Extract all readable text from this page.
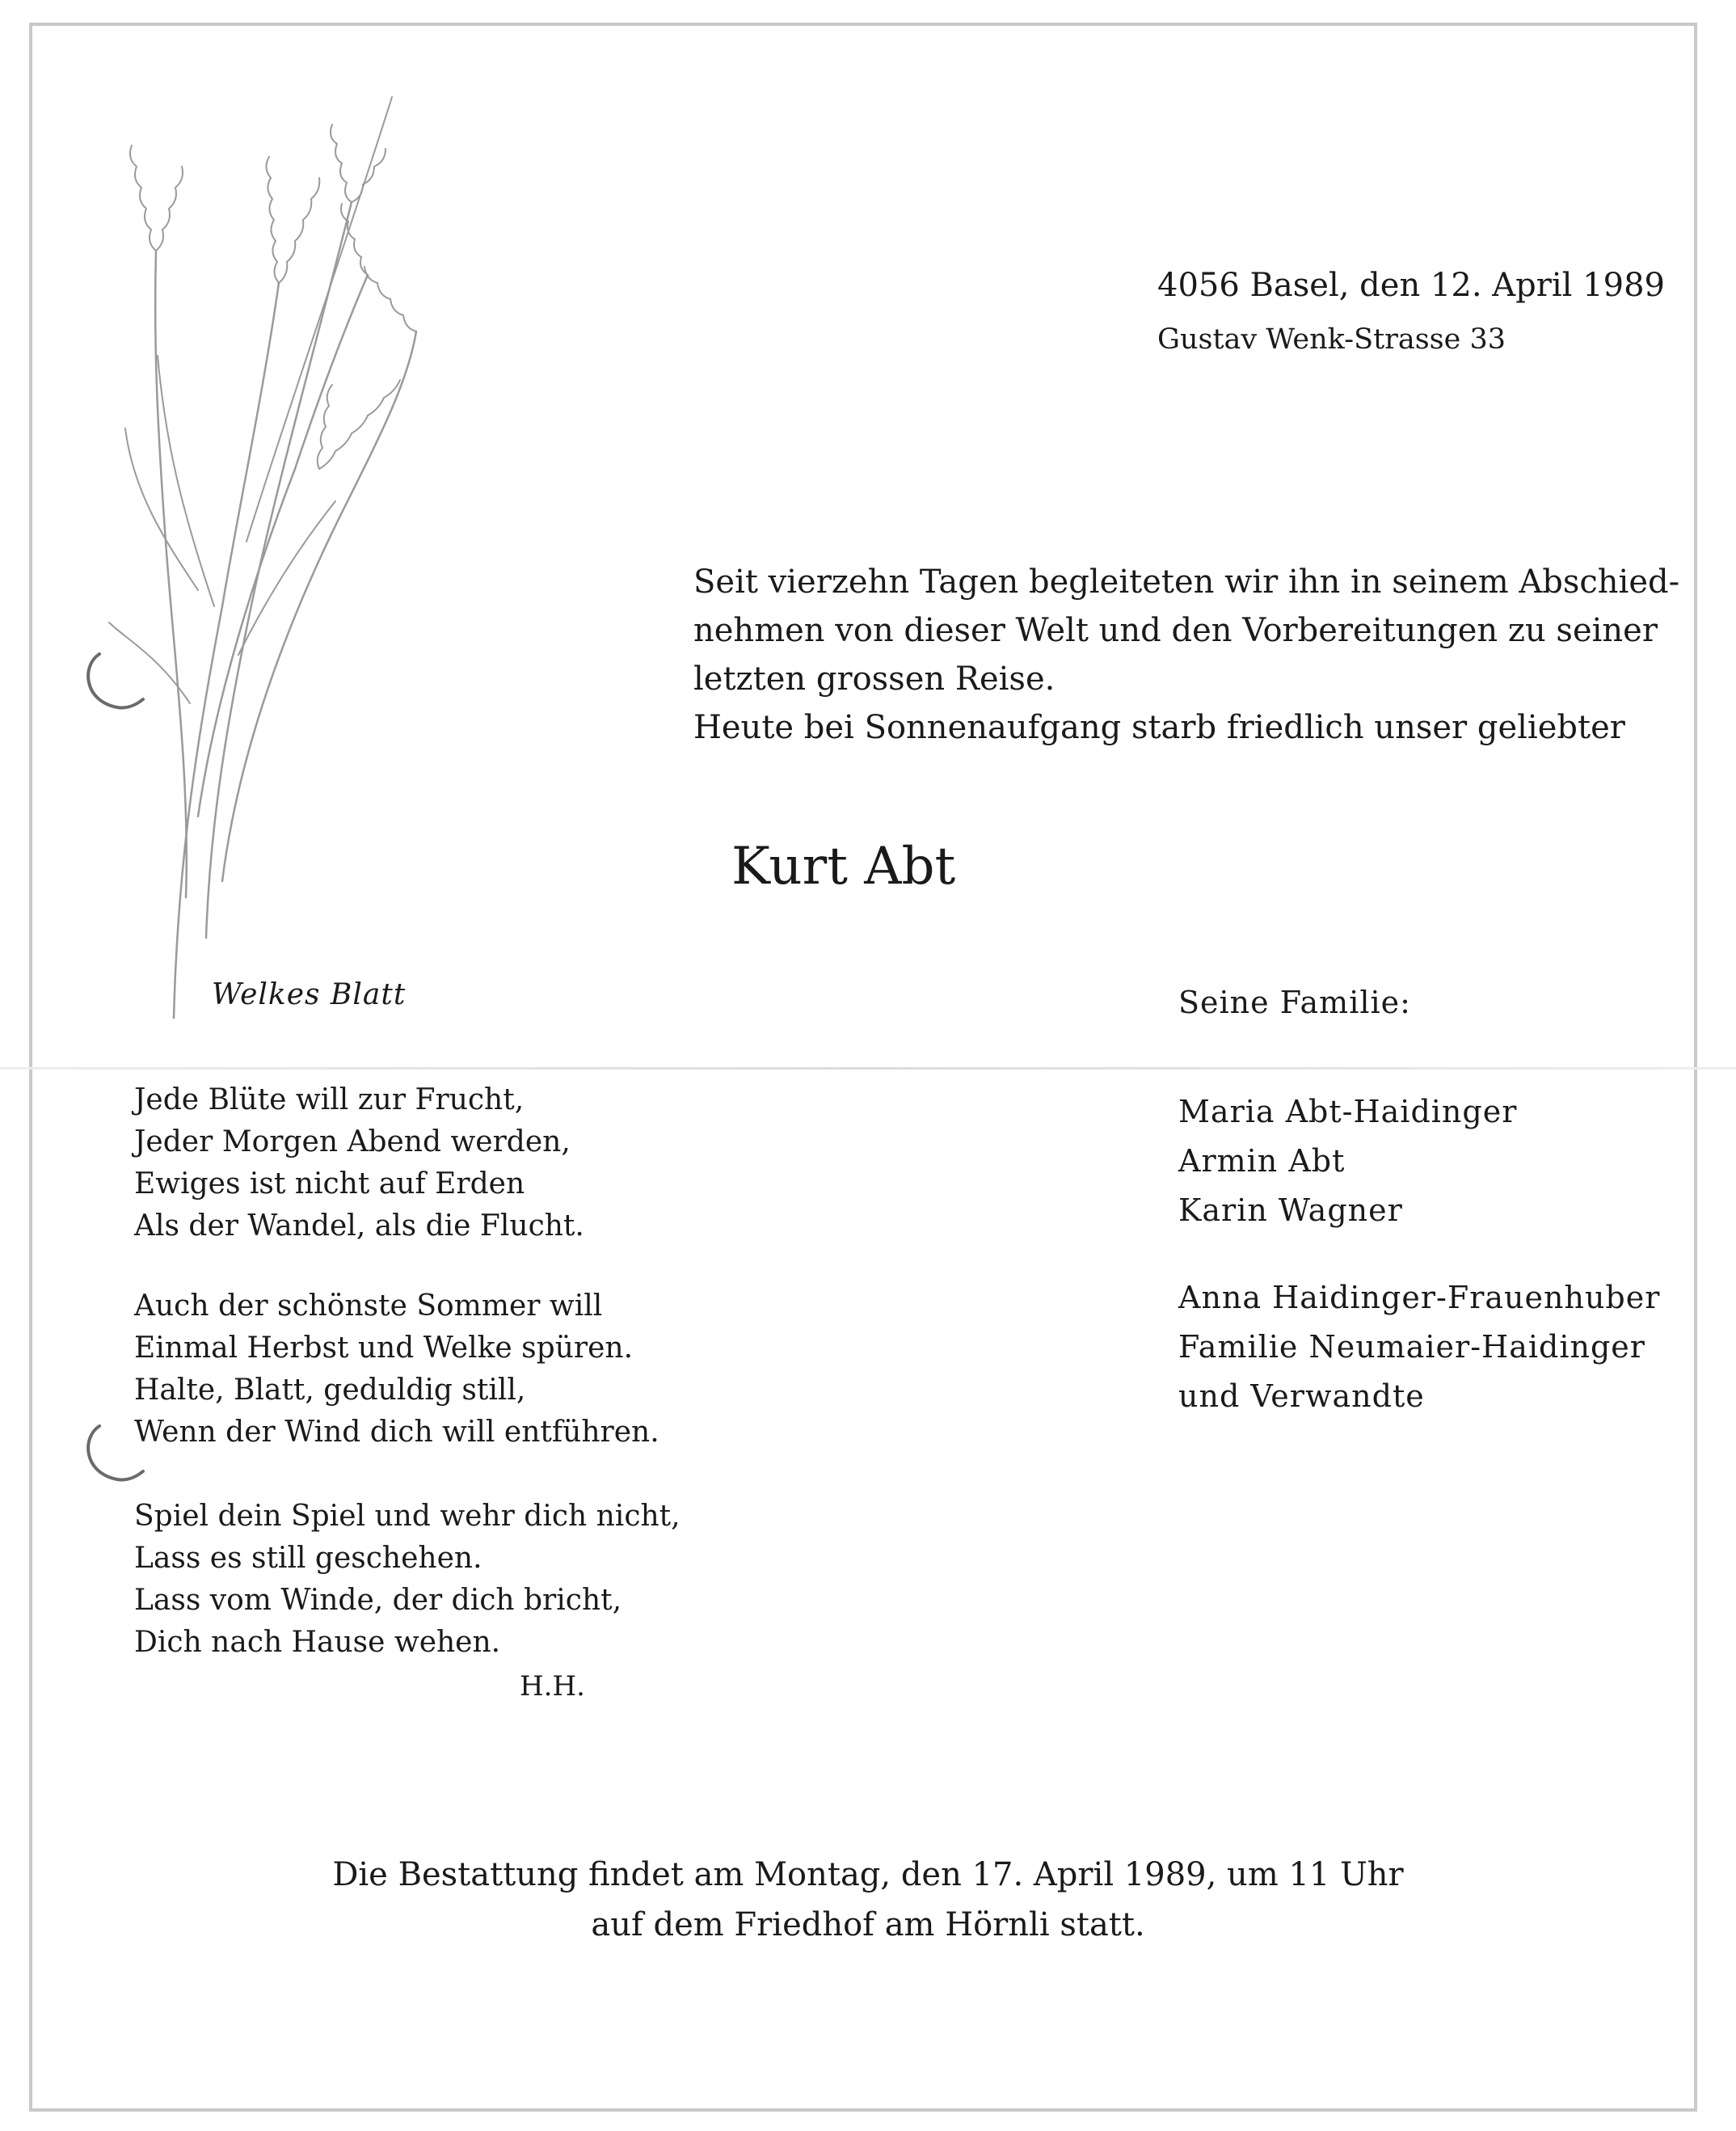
4056 Basel, den 12. April 1989
Gustav Wenk-Strasse 33
Seit vierzehn Tagen begleiteten wir ihn in seinem Abschied-
nehmen von dieser Welt und den Vorbereitungen zu seiner
letzten grossen Reise.
Heute bei Sonnenaufgang starb friedlich unser geliebter
Kurt Abt
Welkes Blatt
Jede Blüte will zur Frucht,
Jeder Morgen Abend werden,
Ewiges ist nicht auf Erden
Als der Wandel, als die Flucht.
Auch der schönste Sommer will
Einmal Herbst und Welke spüren.
Halte, Blatt, geduldig still,
Wenn der Wind dich will entführen.
Spiel dein Spiel und wehr dich nicht,
Lass es still geschehen.
Lass vom Winde, der dich bricht,
Dich nach Hause wehen.
H.H.
Seine Familie:
Maria Abt-Haidinger
Armin Abt
Karin Wagner
Anna Haidinger-Frauenhuber
Familie Neumaier-Haidinger
und Verwandte
Die Bestattung findet am Montag, den 17. April 1989, um 11 Uhr
auf dem Friedhof am Hörnli statt.
